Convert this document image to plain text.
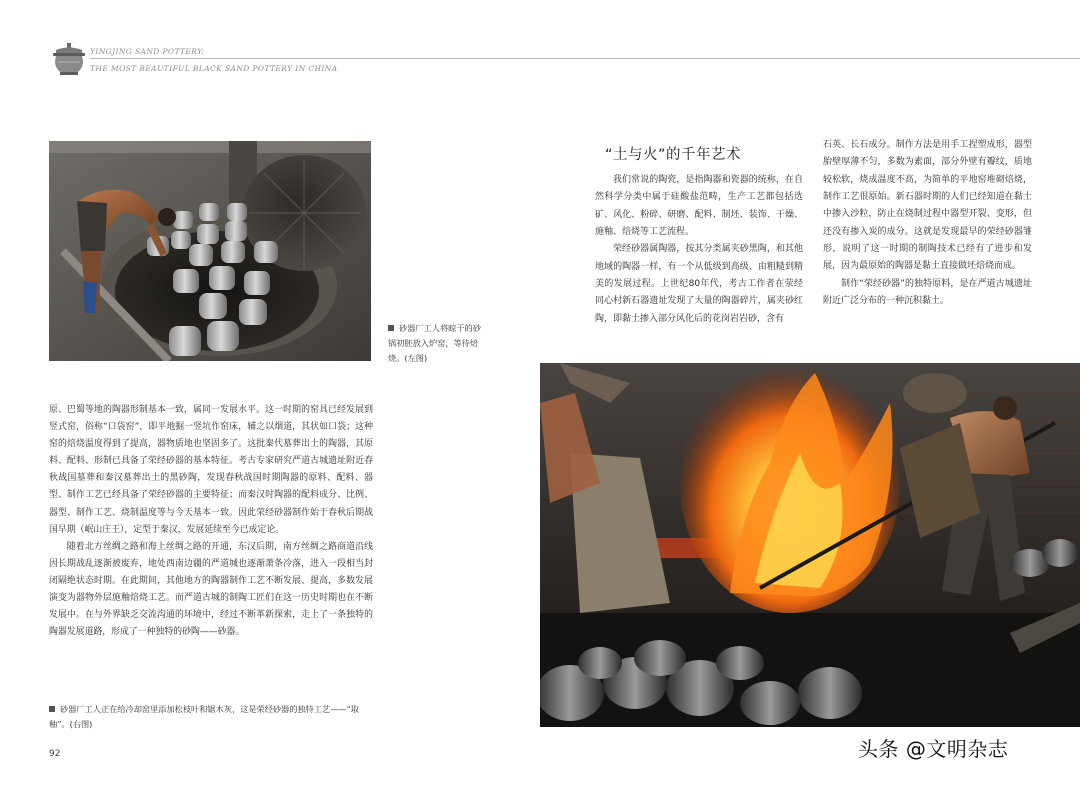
YINGJING SAND POTTERY:
THE MOST BEAUTIFUL BLACK SAND POTTERY IN CHINA
砂器厂工人将晾干的砂锅初胚放入炉窑，等待焙烧。(左图)
“土与火”的千年艺术

我们常说的陶瓷，是指陶器和瓷器的统称，在自然科学分类中属于硅酸盐范畴，生产工艺都包括选矿、风化、粉碎、研磨、配料、制坯、装饰、干燥、施釉、焙烧等工艺流程。

荣经砂器属陶器，按其分类属夹砂黑陶，和其他地域的陶器一样，有一个从低级到高级、由粗糙到精美的发展过程。上世纪80年代，考古工作者在荥经同心村新石器遗址发现了大量的陶器碎片，属夹砂红陶，即黏土掺入部分风化后的花岗岩岩砂，含有

石英、长石成分。制作方法是用手工捏塑成形，器型胎壁厚薄不匀，多数为素面，部分外壁有瓣纹，质地较松软，烧成温度不高，为简单的平地窑堆砌焙烧，制作工艺很原始。新石器时期的人们已经知道在黏土中掺入沙粒，防止在烧制过程中器型开裂、变形，但还没有掺入炭的成分。这就是发现最早的荣经砂器雏形，说明了这一时期的制陶技术已经有了进步和发展，因为最原始的陶器是黏土直接做坯焙烧而成。

制作“荣经砂器”的独特原料，是在严道古城遗址附近广泛分布的一种沉积黏土。

原、巴蜀等地的陶器形制基本一致，属同一发展水平。这一时期的窑具已经发展到竖式窑，俗称“口袋窑”，即平地掘一竖坑作窑床，辅之以烟道，其状如口袋；这种窑的焙烧温度得到了提高，器物质地也坚固多了。这批秦代墓葬出土的陶器，其原料、配料、形制已具备了荣经砂器的基本特征。考古专家研究严道古城遗址附近春秋战国墓葬和秦汉墓葬出土的黑砂陶，发现春秋战国时期陶器的原料、配料、器型、制作工艺已经具备了荣经砂器的主要特征；而秦汉时陶器的配料成分、比例、器型、制作工艺、烧制温度等与今天基本一致。因此荣经砂器制作始于春秋后期战国早期（岷山庄王），定型于秦汉，发展延续至今已成定论。

随着北方丝绸之路和海上丝绸之路的开通，东汉后期，南方丝绸之路商道沿线因长期战乱逐渐被废弃，地处西南边疆的严道城也逐渐萧条冷落，进入一段相当封闭隔绝状态时期。在此期间，其他地方的陶器制作工艺不断发展、提高，多数发展演变为器物外层施釉焙烧工艺。而严道古城的制陶工匠们在这一历史时期也在不断发展中。在与外界缺乏交流沟通的环境中，经过不断革新探索，走上了一条独特的陶器发展道路，形成了一种独特的砂陶——砂器。

砂器厂工人正在给冷却窑里添加松枝叶和锯木灰，这是荣经砂器的独特工艺——“取釉”。(右图)
92	头条 @文明杂志
